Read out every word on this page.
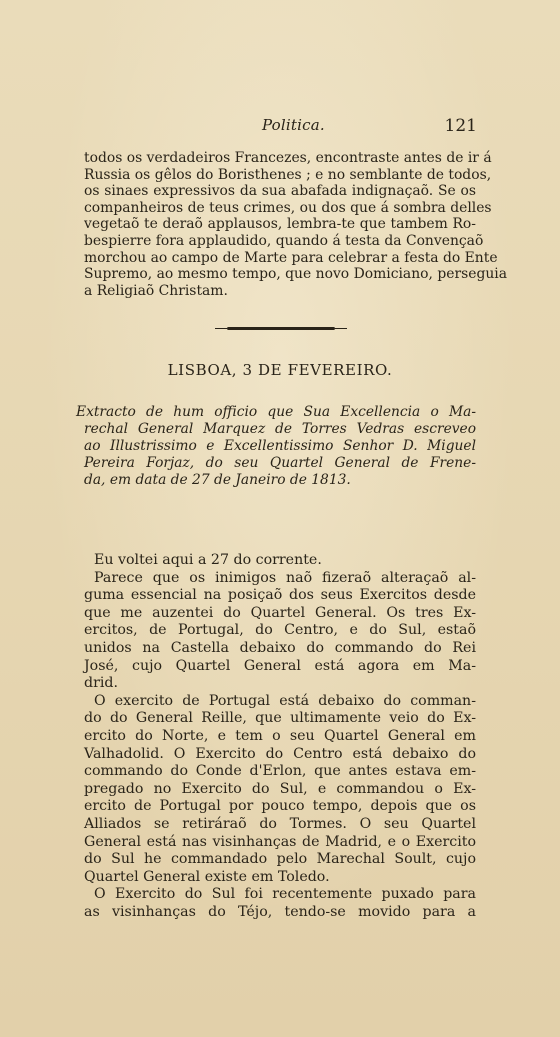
Politica.	121
todos os verdadeiros Francezes, encontraste antes de ir á
Russia os gêlos do Boristhenes ; e no semblante de todos,
os sinaes expressivos da sua abafada indignaçaõ. Se os
companheiros de teus crimes, ou dos que á sombra delles
vegetaõ te deraõ applausos, lembra-te que tambem Ro-
bespierre fora applaudido, quando á testa da Convençaõ
morchou ao campo de Marte para celebrar a festa do Ente
Supremo, ao mesmo tempo, que novo Domiciano, perseguia
a Religiaõ Christam.
LISBOA, 3 DE FEVEREIRO.
Extracto de hum officio que Sua Excellencia o Ma-
rechal General Marquez de Torres Vedras escreveo
ao Illustrissimo e Excellentissimo Senhor D. Miguel
Pereira Forjaz, do seu Quartel General de Frene-
da, em data de 27 de Janeiro de 1813.
Eu voltei aqui a 27 do corrente.
Parece que os inimigos naõ fizeraõ alteraçaõ al-
guma essencial na posiçaõ dos seus Exercitos desde
que me auzentei do Quartel General. Os tres Ex-
ercitos, de Portugal, do Centro, e do Sul, estaõ
unidos na Castella debaixo do commando do Rei
José, cujo Quartel General está agora em Ma-
drid.
O exercito de Portugal está debaixo do comman-
do do General Reille, que ultimamente veio do Ex-
ercito do Norte, e tem o seu Quartel General em
Valhadolid. O Exercito do Centro está debaixo do
commando do Conde d'Erlon, que antes estava em-
pregado no Exercito do Sul, e commandou o Ex-
ercito de Portugal por pouco tempo, depois que os
Alliados se retiráraõ do Tormes. O seu Quartel
General está nas visinhanças de Madrid, e o Exercito
do Sul he commandado pelo Marechal Soult, cujo
Quartel General existe em Toledo.
O Exercito do Sul foi recentemente puxado para
as visinhanças do Téjo, tendo-se movido para a
